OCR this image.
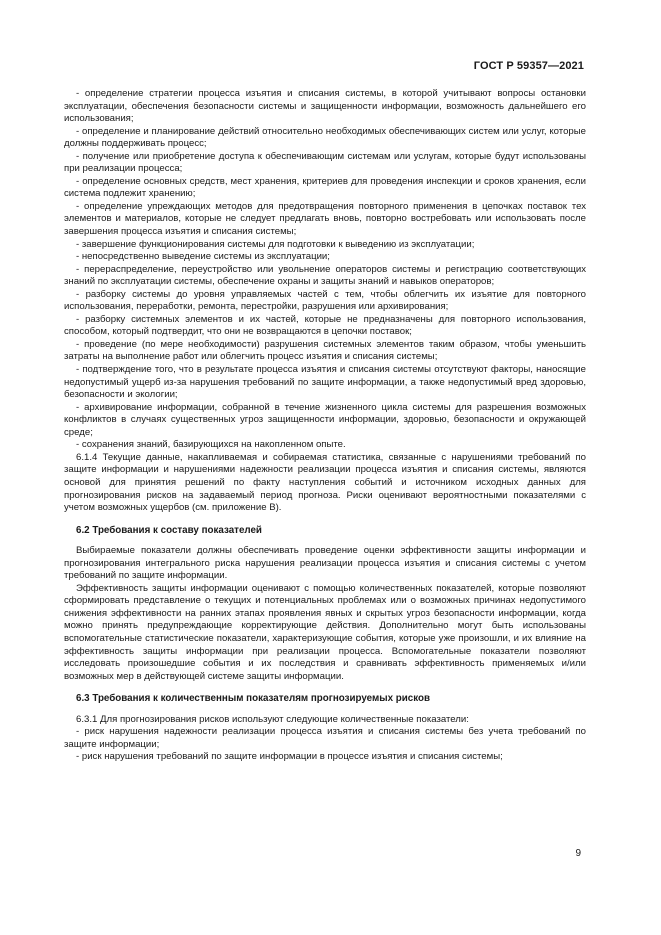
ГОСТ Р 59357—2021

- определение стратегии процесса изъятия и списания системы, в которой учитывают вопросы остановки эксплуатации, обеспечения безопасности системы и защищенности информации, возможность дальнейшего его использования;

- определение и планирование действий относительно необходимых обеспечивающих систем или услуг, которые должны поддерживать процесс;

- получение или приобретение доступа к обеспечивающим системам или услугам, которые будут использованы при реализации процесса;

- определение основных средств, мест хранения, критериев для проведения инспекции и сроков хранения, если система подлежит хранению;

- определение упреждающих методов для предотвращения повторного применения в цепочках поставок тех элементов и материалов, которые не следует предлагать вновь, повторно востребовать или использовать после завершения процесса изъятия и списания системы;

- завершение функционирования системы для подготовки к выведению из эксплуатации;

- непосредственно выведение системы из эксплуатации;

- перераспределение, переустройство или увольнение операторов системы и регистрацию соответствующих знаний по эксплуатации системы, обеспечение охраны и защиты знаний и навыков операторов;

- разборку системы до уровня управляемых частей с тем, чтобы облегчить их изъятие для повторного использования, переработки, ремонта, перестройки, разрушения или архивирования;

- разборку системных элементов и их частей, которые не предназначены для повторного использования, способом, который подтвердит, что они не возвращаются в цепочки поставок;

- проведение (по мере необходимости) разрушения системных элементов таким образом, чтобы уменьшить затраты на выполнение работ или облегчить процесс изъятия и списания системы;

- подтверждение того, что в результате процесса изъятия и списания системы отсутствуют факторы, наносящие недопустимый ущерб из-за нарушения требований по защите информации, а также недопустимый вред здоровью, безопасности и экологии;

- архивирование информации, собранной в течение жизненного цикла системы для разрешения возможных конфликтов в случаях существенных угроз защищенности информации, здоровью, безопасности и окружающей среде;

- сохранения знаний, базирующихся на накопленном опыте.

6.1.4 Текущие данные, накапливаемая и собираемая статистика, связанные с нарушениями требований по защите информации и нарушениями надежности реализации процесса изъятия и списания системы, являются основой для принятия решений по факту наступления событий и источником исходных данных для прогнозирования рисков на задаваемый период прогноза. Риски оценивают вероятностными показателями с учетом возможных ущербов (см. приложение В).

6.2 Требования к составу показателей

Выбираемые показатели должны обеспечивать проведение оценки эффективности защиты информации и прогнозирования интегрального риска нарушения реализации процесса изъятия и списания системы с учетом требований по защите информации.

Эффективность защиты информации оценивают с помощью количественных показателей, которые позволяют сформировать представление о текущих и потенциальных проблемах или о возможных причинах недопустимого снижения эффективности на ранних этапах проявления явных и скрытых угроз безопасности информации, когда можно принять предупреждающие корректирующие действия. Дополнительно могут быть использованы вспомогательные статистические показатели, характеризующие события, которые уже произошли, и их влияние на эффективность защиты информации при реализации процесса. Вспомогательные показатели позволяют исследовать произошедшие события и их последствия и сравнивать эффективность применяемых и/или возможных мер в действующей системе защиты информации.

6.3 Требования к количественным показателям прогнозируемых рисков

6.3.1 Для прогнозирования рисков используют следующие количественные показатели:

- риск нарушения надежности реализации процесса изъятия и списания системы без учета требований по защите информации;

- риск нарушения требований по защите информации в процессе изъятия и списания системы;

9
